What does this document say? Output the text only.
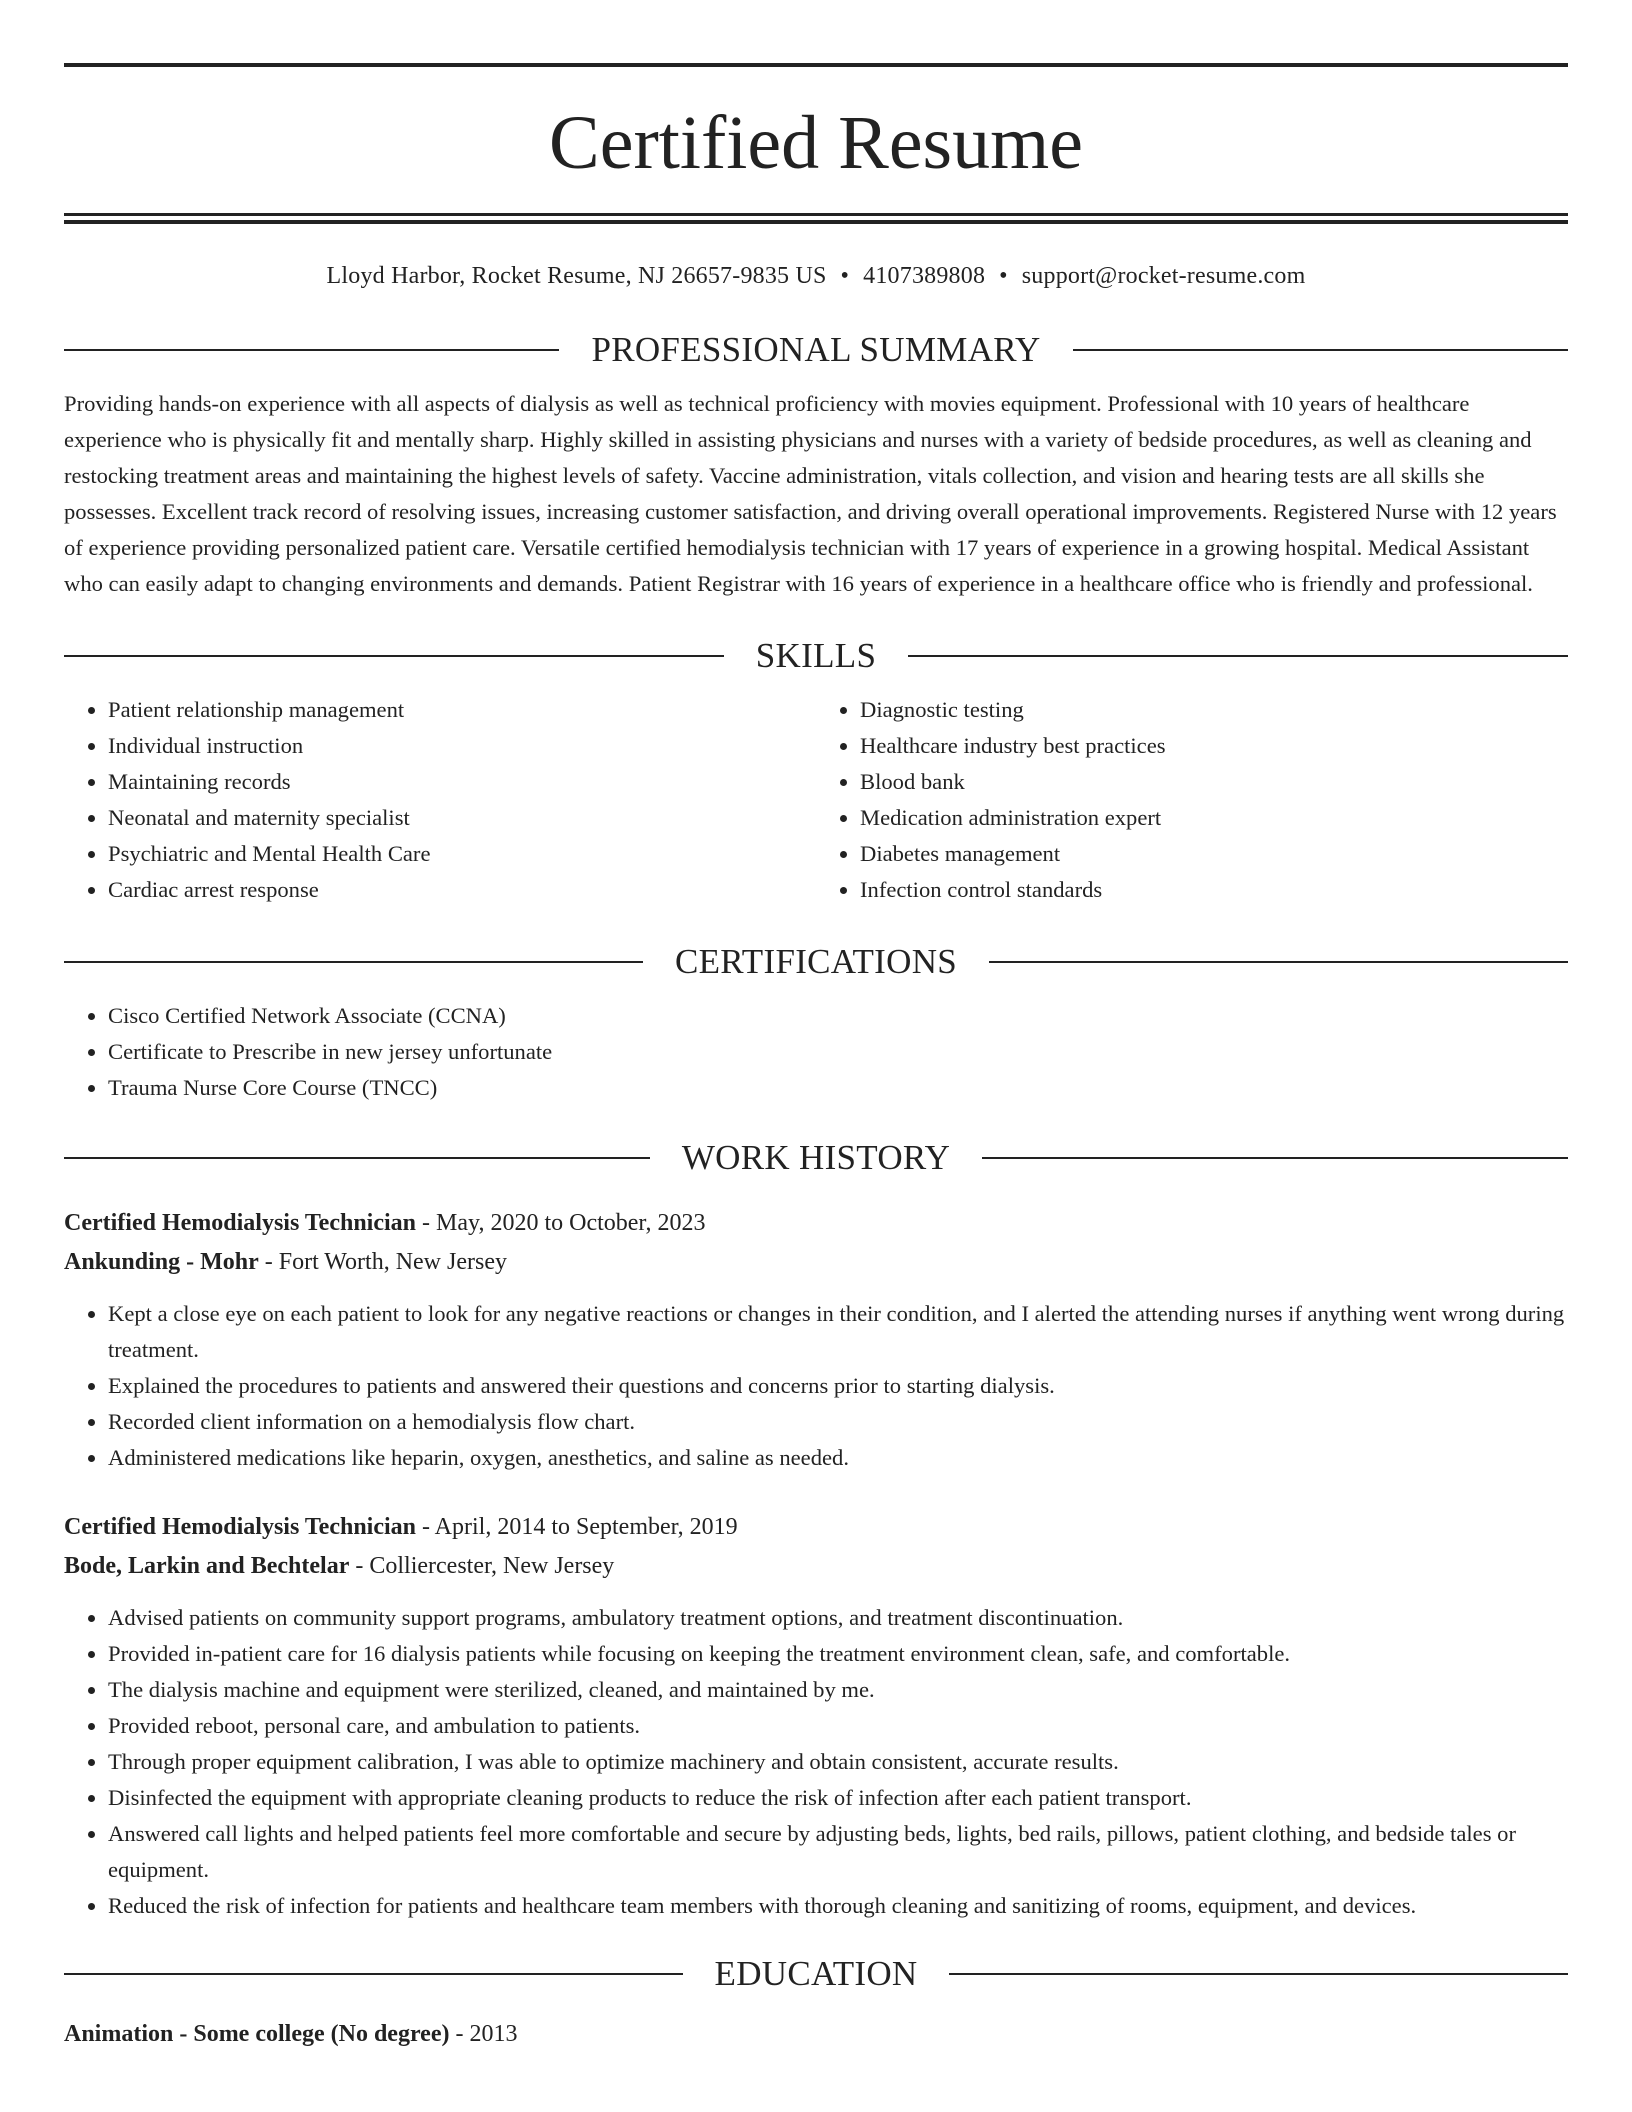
Certified Resume
Lloyd Harbor, Rocket Resume, NJ 26657-9835 US • 4107389808 • support@rocket-resume.com
PROFESSIONAL SUMMARY
Providing hands-on experience with all aspects of dialysis as well as technical proficiency with movies equipment. Professional with 10 years of healthcare experience who is physically fit and mentally sharp. Highly skilled in assisting physicians and nurses with a variety of bedside procedures, as well as cleaning and restocking treatment areas and maintaining the highest levels of safety. Vaccine administration, vitals collection, and vision and hearing tests are all skills she possesses. Excellent track record of resolving issues, increasing customer satisfaction, and driving overall operational improvements. Registered Nurse with 12 years of experience providing personalized patient care. Versatile certified hemodialysis technician with 17 years of experience in a growing hospital. Medical Assistant who can easily adapt to changing environments and demands. Patient Registrar with 16 years of experience in a healthcare office who is friendly and professional.
SKILLS
• Patient relationship management
• Individual instruction
• Maintaining records
• Neonatal and maternity specialist
• Psychiatric and Mental Health Care
• Cardiac arrest response
• Diagnostic testing
• Healthcare industry best practices
• Blood bank
• Medication administration expert
• Diabetes management
• Infection control standards
CERTIFICATIONS
• Cisco Certified Network Associate (CCNA)
• Certificate to Prescribe in new jersey unfortunate
• Trauma Nurse Core Course (TNCC)
WORK HISTORY
Certified Hemodialysis Technician - May, 2020 to October, 2023
Ankunding - Mohr - Fort Worth, New Jersey
• Kept a close eye on each patient to look for any negative reactions or changes in their condition, and I alerted the attending nurses if anything went wrong during treatment.
• Explained the procedures to patients and answered their questions and concerns prior to starting dialysis.
• Recorded client information on a hemodialysis flow chart.
• Administered medications like heparin, oxygen, anesthetics, and saline as needed.
Certified Hemodialysis Technician - April, 2014 to September, 2019
Bode, Larkin and Bechtelar - Colliercester, New Jersey
• Advised patients on community support programs, ambulatory treatment options, and treatment discontinuation.
• Provided in-patient care for 16 dialysis patients while focusing on keeping the treatment environment clean, safe, and comfortable.
• The dialysis machine and equipment were sterilized, cleaned, and maintained by me.
• Provided reboot, personal care, and ambulation to patients.
• Through proper equipment calibration, I was able to optimize machinery and obtain consistent, accurate results.
• Disinfected the equipment with appropriate cleaning products to reduce the risk of infection after each patient transport.
• Answered call lights and helped patients feel more comfortable and secure by adjusting beds, lights, bed rails, pillows, patient clothing, and bedside tales or equipment.
• Reduced the risk of infection for patients and healthcare team members with thorough cleaning and sanitizing of rooms, equipment, and devices.
EDUCATION
Animation - Some college (No degree) - 2013
